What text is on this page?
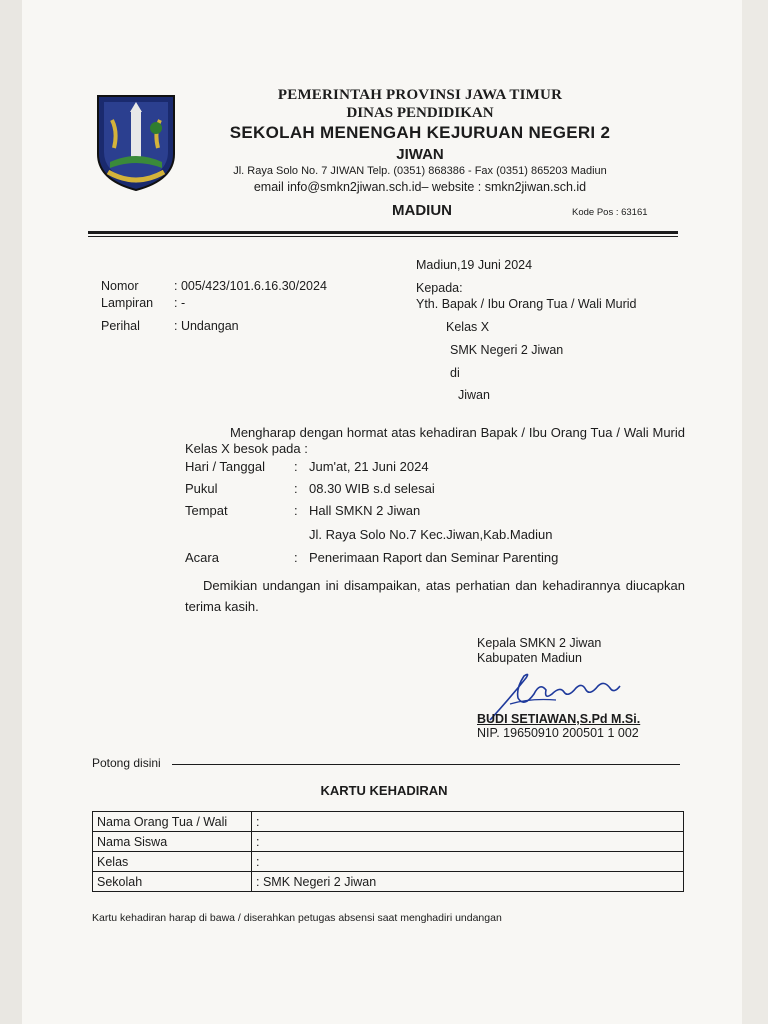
PEMERINTAH PROVINSI JAWA TIMUR
DINAS PENDIDIKAN
SEKOLAH MENENGAH KEJURUAN NEGERI 2
JIWAN
Jl. Raya Solo No. 7 JIWAN Telp. (0351) 868386 - Fax (0351) 865203 Madiun
email info@smkn2jiwan.sch.id– website : smkn2jiwan.sch.id
MADIUN	Kode Pos : 63161
Madiun,19 Juni 2024
Nomor	: 005/423/101.6.16.30/2024
Lampiran : -
Perihal	: Undangan
Kepada:
Yth. Bapak / Ibu Orang Tua / Wali Murid
Kelas X
SMK Negeri 2 Jiwan
di
Jiwan
Mengharap dengan hormat atas kehadiran Bapak / Ibu Orang Tua / Wali Murid Kelas X besok pada :
Hari / Tanggal : Jum'at, 21 Juni 2024
Pukul	: 08.30 WIB s.d selesai
Tempat	: Hall SMKN 2 Jiwan
Jl. Raya Solo No.7 Kec.Jiwan,Kab.Madiun
Acara	: Penerimaan Raport dan Seminar Parenting
Demikian undangan ini disampaikan, atas perhatian dan kehadirannya diucapkan terima kasih.
Kepala SMKN 2 Jiwan
Kabupaten Madiun
BUDI SETIAWAN,S.Pd M.Si.
NIP. 19650910 200501 1 002
Potong disini
KARTU KEHADIRAN
Nama Orang Tua / Wali	:
Nama Siswa	:
Kelas	:
Sekolah	: SMK Negeri 2 Jiwan
Kartu kehadiran harap di bawa / diserahkan petugas absensi saat menghadiri undangan
